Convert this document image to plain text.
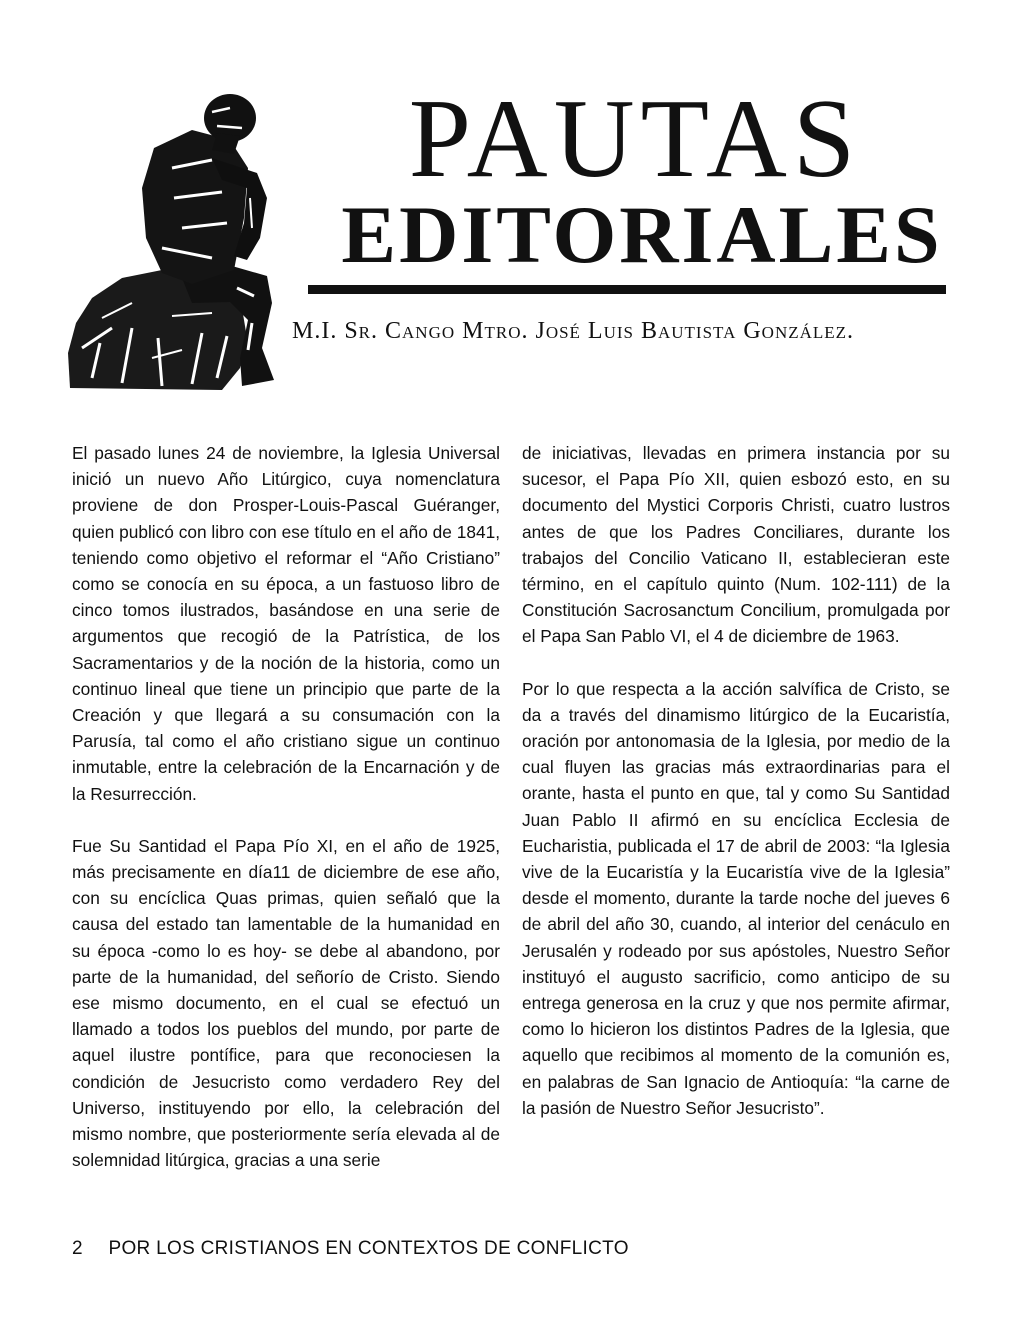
PAUTAS
EDITORIALES
M.I. Sr. Cango Mtro. José Luis Bautista González.

El pasado lunes 24 de noviembre, la Iglesia Universal inició un nuevo Año Litúrgico, cuya nomenclatura proviene de don Prosper-Louis-Pascal Guéranger, quien publicó con libro con ese título en el año de 1841, teniendo como objetivo el reformar el “Año Cristiano” como se conocía en su época, a un fastuoso libro de cinco tomos ilustrados, basándose en una serie de argumentos que recogió de la Patrística, de los Sacramentarios y de la noción de la historia, como un continuo lineal que tiene un principio que parte de la Creación y que llegará a su consumación con la Parusía, tal como el año cristiano sigue un continuo inmutable, entre la celebración de la Encarnación y de la Resurrección.

Fue Su Santidad el Papa Pío XI, en el año de 1925, más precisamente en día11 de diciembre de ese año, con su encíclica Quas primas, quien señaló que la causa del estado tan lamentable de la humanidad en su época -como lo es hoy- se debe al abandono, por parte de la humanidad, del señorío de Cristo. Siendo ese mismo documento, en el cual se efectuó un llamado a todos los pueblos del mundo, por parte de aquel ilustre pontífice, para que reconociesen la condición de Jesucristo como verdadero Rey del Universo, instituyendo por ello, la celebración del mismo nombre, que posteriormente sería elevada al de solemnidad litúrgica, gracias a una serie

de iniciativas, llevadas en primera instancia por su sucesor, el Papa Pío XII, quien esbozó esto, en su documento del Mystici Corporis Christi, cuatro lustros antes de que los Padres Conciliares, durante los trabajos del Concilio Vaticano II, establecieran este término, en el capítulo quinto (Num. 102-111) de la Constitución Sacrosanctum Concilium, promulgada por el Papa San Pablo VI, el 4 de diciembre de 1963.

Por lo que respecta a la acción salvífica de Cristo, se da a través del dinamismo litúrgico de la Eucaristía, oración por antonomasia de la Iglesia, por medio de la cual fluyen las gracias más extraordinarias para el orante, hasta el punto en que, tal y como Su Santidad Juan Pablo II afirmó en su encíclica Ecclesia de Eucharistia, publicada el 17 de abril de 2003: “la Iglesia vive de la Eucaristía y la Eucaristía vive de la Iglesia” desde el momento, durante la tarde noche del jueves 6 de abril del año 30, cuando, al interior del cenáculo en Jerusalén y rodeado por sus apóstoles, Nuestro Señor instituyó el augusto sacrificio, como anticipo de su entrega generosa en la cruz y que nos permite afirmar, como lo hicieron los distintos Padres de la Iglesia, que aquello que recibimos al momento de la comunión es, en palabras de San Ignacio de Antioquía: “la carne de la pasión de Nuestro Señor Jesucristo”.

2 POR LOS CRISTIANOS EN CONTEXTOS DE CONFLICTO
